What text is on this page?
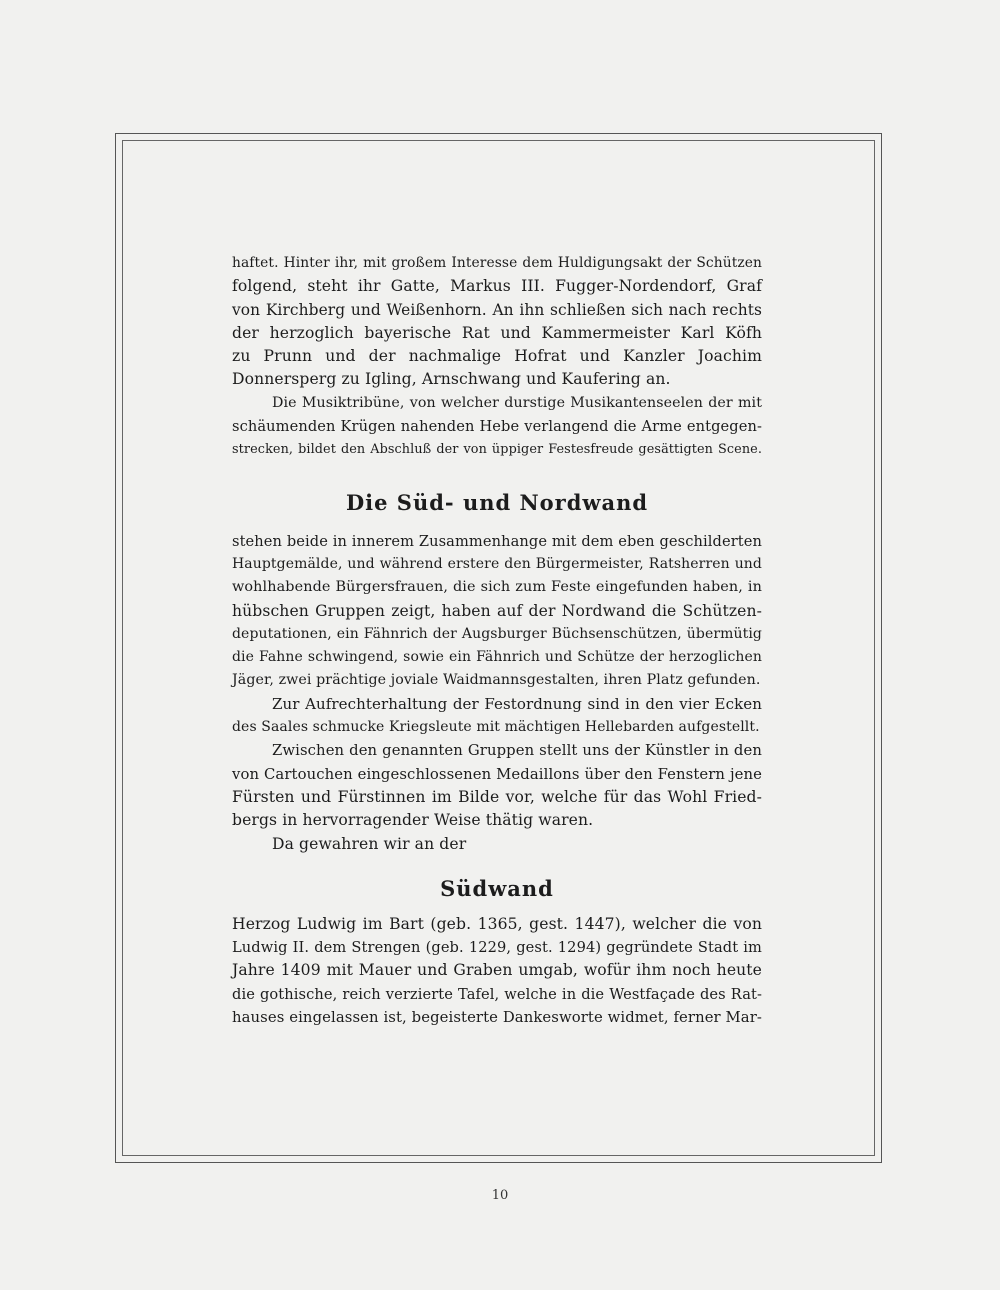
haftet. Hinter ihr, mit großem Interesse dem Huldigungsakt der Schützen
folgend, steht ihr Gatte, Markus III. Fugger-Nordendorf, Graf
von Kirchberg und Weißenhorn. An ihn schließen sich nach rechts
der herzoglich bayerische Rat und Kammermeister Karl Köfh
zu Prunn und der nachmalige Hofrat und Kanzler Joachim
Donnersperg zu Igling, Arnschwang und Kaufering an.
Die Musiktribüne, von welcher durstige Musikantenseelen der mit
schäumenden Krügen nahenden Hebe verlangend die Arme entgegen-
strecken, bildet den Abschluß der von üppiger Festesfreude gesättigten Scene.
Die Süd- und Nordwand
stehen beide in innerem Zusammenhange mit dem eben geschilderten
Hauptgemälde, und während erstere den Bürgermeister, Ratsherren und
wohlhabende Bürgersfrauen, die sich zum Feste eingefunden haben, in
hübschen Gruppen zeigt, haben auf der Nordwand die Schützen-
deputationen, ein Fähnrich der Augsburger Büchsenschützen, übermütig
die Fahne schwingend, sowie ein Fähnrich und Schütze der herzoglichen
Jäger, zwei prächtige joviale Waidmannsgestalten, ihren Platz gefunden.
Zur Aufrechterhaltung der Festordnung sind in den vier Ecken
des Saales schmucke Kriegsleute mit mächtigen Hellebarden aufgestellt.
Zwischen den genannten Gruppen stellt uns der Künstler in den
von Cartouchen eingeschlossenen Medaillons über den Fenstern jene
Fürsten und Fürstinnen im Bilde vor, welche für das Wohl Fried-
bergs in hervorragender Weise thätig waren.
Da gewahren wir an der
Südwand
Herzog Ludwig im Bart (geb. 1365, gest. 1447), welcher die von
Ludwig II. dem Strengen (geb. 1229, gest. 1294) gegründete Stadt im
Jahre 1409 mit Mauer und Graben umgab, wofür ihm noch heute
die gothische, reich verzierte Tafel, welche in die Westfaçade des Rat-
hauses eingelassen ist, begeisterte Dankesworte widmet, ferner Mar-
10
